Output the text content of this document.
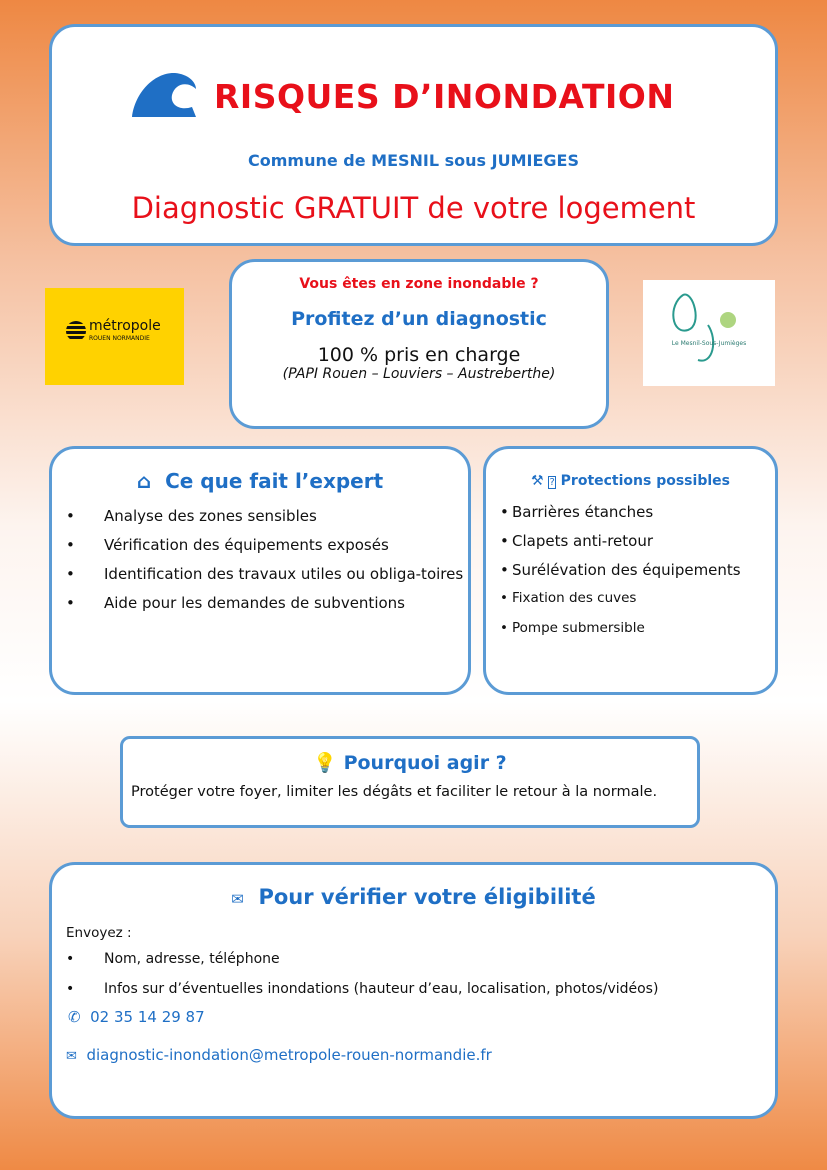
RISQUES D’INONDATION
Commune de MESNIL sous JUMIEGES
Diagnostic GRATUIT de votre logement
métropole
ROUEN NORMANDIE
Vous êtes en zone inondable ?
Profitez d’un diagnostic
100 % pris en charge
(PAPI Rouen – Louviers – Austreberthe)
Le Mesnil-Sous-Jumièges
⌂ Ce que fait l’expert
• Analyse des zones sensibles
• Vérification des équipements exposés
• Identification des travaux utiles ou obliga-toires
• Aide pour les demandes de subventions
⚒ ? Protections possibles
• Barrières étanches
• Clapets anti-retour
• Surélévation des équipements
• Fixation des cuves
• Pompe submersible
💡 Pourquoi agir ?
Protéger votre foyer, limiter les dégâts et faciliter le retour à la normale.
✉ Pour vérifier votre éligibilité
Envoyez :
• Nom, adresse, téléphone
• Infos sur d’éventuelles inondations (hauteur d’eau, localisation, photos/vidéos)
✆ 02 35 14 29 87
✉ diagnostic-inondation@metropole-rouen-normandie.fr
